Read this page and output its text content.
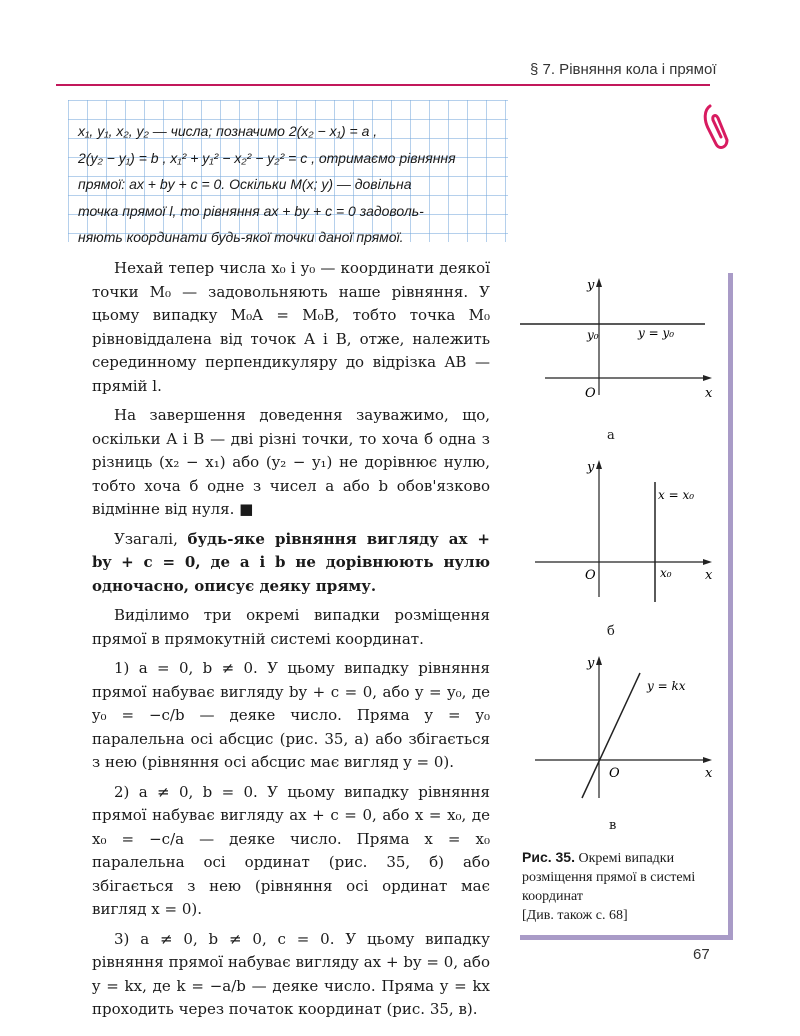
§ 7. Рівняння кола і прямої

x₁, y₁, x₂, y₂ — числа; позначимо 2(x₂ − x₁) = a ,

2(y₂ − y₁) = b , x₁² + y₁² − x₂² − y₂² = c , отримаємо рівняння

прямої: ax + by + c = 0. Оскільки M(x; y) — довільна

точка прямої l, то рівняння ax + by + c = 0 задоволь-

няють координати будь-якої точки даної прямої.

Нехай тепер числа x₀ і y₀ — координати деякої точки M₀ — задовольняють наше рівняння. У цьому випадку M₀A = M₀B, тобто точка M₀ рівновіддалена від точок A і B, отже, належить серединному перпендикуляру до відрізка AB — прямій l.

На завершення доведення зауважимо, що, оскільки A і B — дві різні точки, то хоча б одна з різниць (x₂ − x₁) або (y₂ − y₁) не дорівнює нулю, тобто хоча б одне з чисел a або b обов'язково відмінне від нуля. ■

Узагалі, будь-яке рівняння вигляду ax + by + c = 0, де a і b не дорівнюють нулю одночасно, описує деяку пряму.

Виділимо три окремі випадки розміщення прямої в прямокутній системі координат.

1) a = 0, b ≠ 0. У цьому випадку рівняння прямої набуває вигляду by + c = 0, або y = y₀, де y₀ = −c/b — деяке число. Пряма y = y₀ паралельна осі абсцис (рис. 35, a) або збігається з нею (рівняння осі абсцис має вигляд y = 0).

2) a ≠ 0, b = 0. У цьому випадку рівняння прямої набуває вигляду ax + c = 0, або x = x₀, де x₀ = −c/a — деяке число. Пряма x = x₀ паралельна осі ординат (рис. 35, б) або збігається з нею (рівняння осі ординат має вигляд x = 0).

3) a ≠ 0, b ≠ 0, c = 0. У цьому випадку рівняння прямої набуває вигляду ax + by = 0, або y = kx, де k = −a/b — деяке число. Пряма y = kx проходить через початок координат (рис. 35, в).

y
x
O
y₀	y = y₀
а
y
x
O	x₀
x = x₀
б
y
x
O
y = kx
в
Рис. 35. Окремі випадки розміщення прямої в системі координат
[Див. також с. 68]
67
